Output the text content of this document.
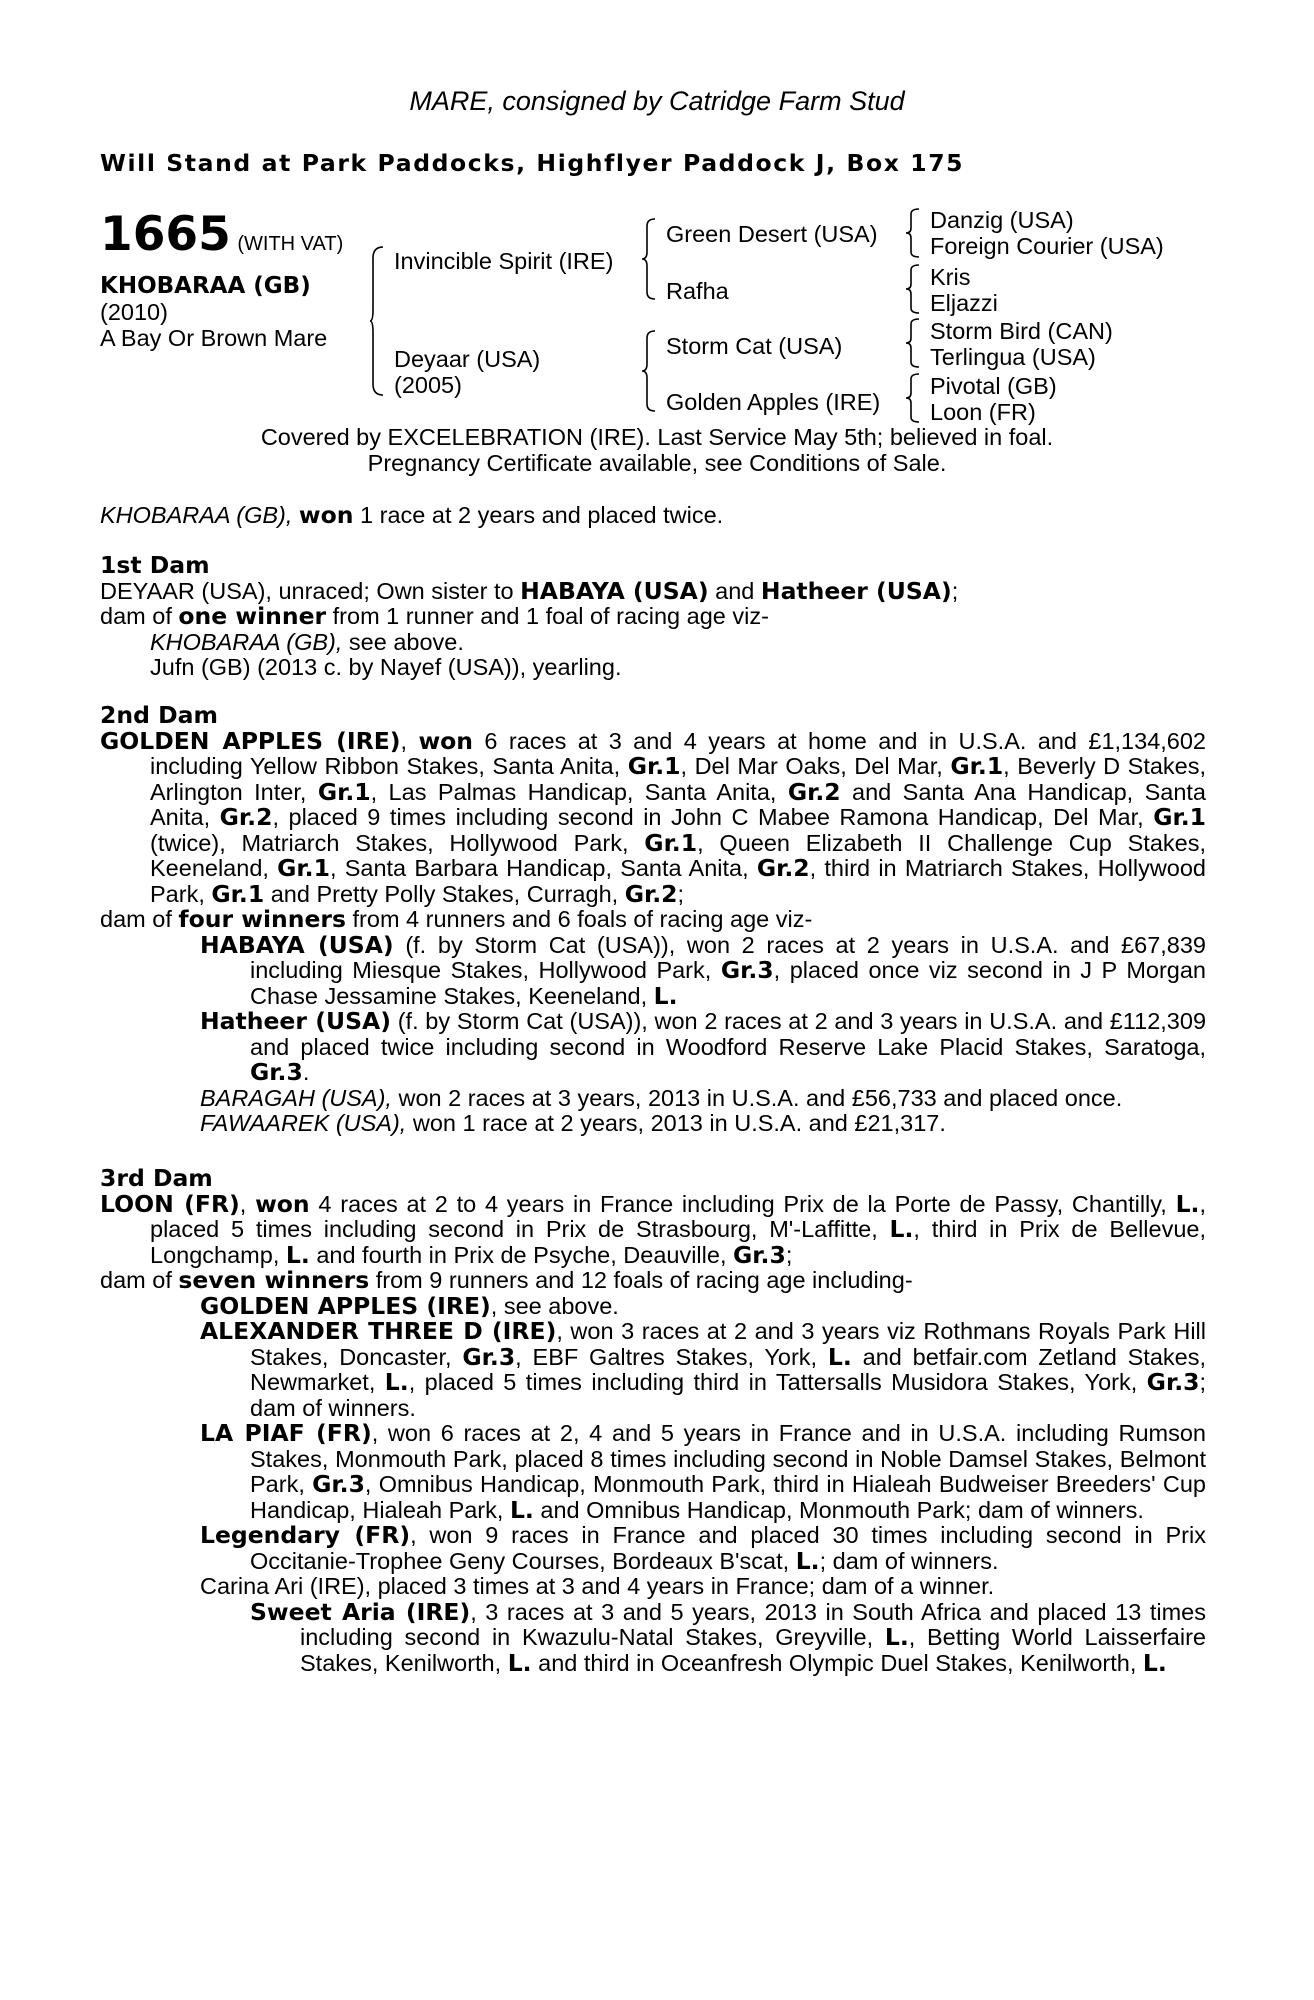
MARE, consigned by Catridge Farm Stud
Will Stand at Park Paddocks, Highflyer Paddock J, Box 175
1665 (WITH VAT)
KHOBARAA (GB)
(2010)
A Bay Or Brown Mare
Invincible Spirit (IRE)
Deyaar (USA)
(2005)
Green Desert (USA)
Rafha
Storm Cat (USA)
Golden Apples (IRE)
Danzig (USA)
Foreign Courier (USA)
Kris
Eljazzi
Storm Bird (CAN)
Terlingua (USA)
Pivotal (GB)
Loon (FR)
Covered by EXCELEBRATION (IRE). Last Service May 5th; believed in foal.
Pregnancy Certificate available, see Conditions of Sale.
KHOBARAA (GB), won 1 race at 2 years and placed twice.
1st Dam

DEYAAR (USA), unraced; Own sister to HABAYA (USA) and Hatheer (USA);

dam of one winner from 1 runner and 1 foal of racing age viz-

KHOBARAA (GB), see above.

Jufn (GB) (2013 c. by Nayef (USA)), yearling.

2nd Dam

GOLDEN APPLES (IRE), won 6 races at 3 and 4 years at home and in U.S.A. and £1,134,602 including Yellow Ribbon Stakes, Santa Anita, Gr.1, Del Mar Oaks, Del Mar, Gr.1, Beverly D Stakes, Arlington Inter, Gr.1, Las Palmas Handicap, Santa Anita, Gr.2 and Santa Ana Handicap, Santa Anita, Gr.2, placed 9 times including second in John C Mabee Ramona Handicap, Del Mar, Gr.1 (twice), Matriarch Stakes, Hollywood Park, Gr.1, Queen Elizabeth II Challenge Cup Stakes, Keeneland, Gr.1, Santa Barbara Handicap, Santa Anita, Gr.2, third in Matriarch Stakes, Hollywood Park, Gr.1 and Pretty Polly Stakes, Curragh, Gr.2;

dam of four winners from 4 runners and 6 foals of racing age viz-

HABAYA (USA) (f. by Storm Cat (USA)), won 2 races at 2 years in U.S.A. and £67,839 including Miesque Stakes, Hollywood Park, Gr.3, placed once viz second in J P Morgan Chase Jessamine Stakes, Keeneland, L.

Hatheer (USA) (f. by Storm Cat (USA)), won 2 races at 2 and 3 years in U.S.A. and £112,309 and placed twice including second in Woodford Reserve Lake Placid Stakes, Saratoga, Gr.3.

BARAGAH (USA), won 2 races at 3 years, 2013 in U.S.A. and £56,733 and placed once.

FAWAAREK (USA), won 1 race at 2 years, 2013 in U.S.A. and £21,317.

3rd Dam

LOON (FR), won 4 races at 2 to 4 years in France including Prix de la Porte de Passy, Chantilly, L., placed 5 times including second in Prix de Strasbourg, M'-Laffitte, L., third in Prix de Bellevue, Longchamp, L. and fourth in Prix de Psyche, Deauville, Gr.3;

dam of seven winners from 9 runners and 12 foals of racing age including-

GOLDEN APPLES (IRE), see above.

ALEXANDER THREE D (IRE), won 3 races at 2 and 3 years viz Rothmans Royals Park Hill Stakes, Doncaster, Gr.3, EBF Galtres Stakes, York, L. and betfair.com Zetland Stakes, Newmarket, L., placed 5 times including third in Tattersalls Musidora Stakes, York, Gr.3; dam of winners.

LA PIAF (FR), won 6 races at 2, 4 and 5 years in France and in U.S.A. including Rumson Stakes, Monmouth Park, placed 8 times including second in Noble Damsel Stakes, Belmont Park, Gr.3, Omnibus Handicap, Monmouth Park, third in Hialeah Budweiser Breeders' Cup Handicap, Hialeah Park, L. and Omnibus Handicap, Monmouth Park; dam of winners.

Legendary (FR), won 9 races in France and placed 30 times including second in Prix Occitanie-Trophee Geny Courses, Bordeaux B'scat, L.; dam of winners.

Carina Ari (IRE), placed 3 times at 3 and 4 years in France; dam of a winner.

Sweet Aria (IRE), 3 races at 3 and 5 years, 2013 in South Africa and placed 13 times including second in Kwazulu-Natal Stakes, Greyville, L., Betting World Laisserfaire Stakes, Kenilworth, L. and third in Oceanfresh Olympic Duel Stakes, Kenilworth, L.
